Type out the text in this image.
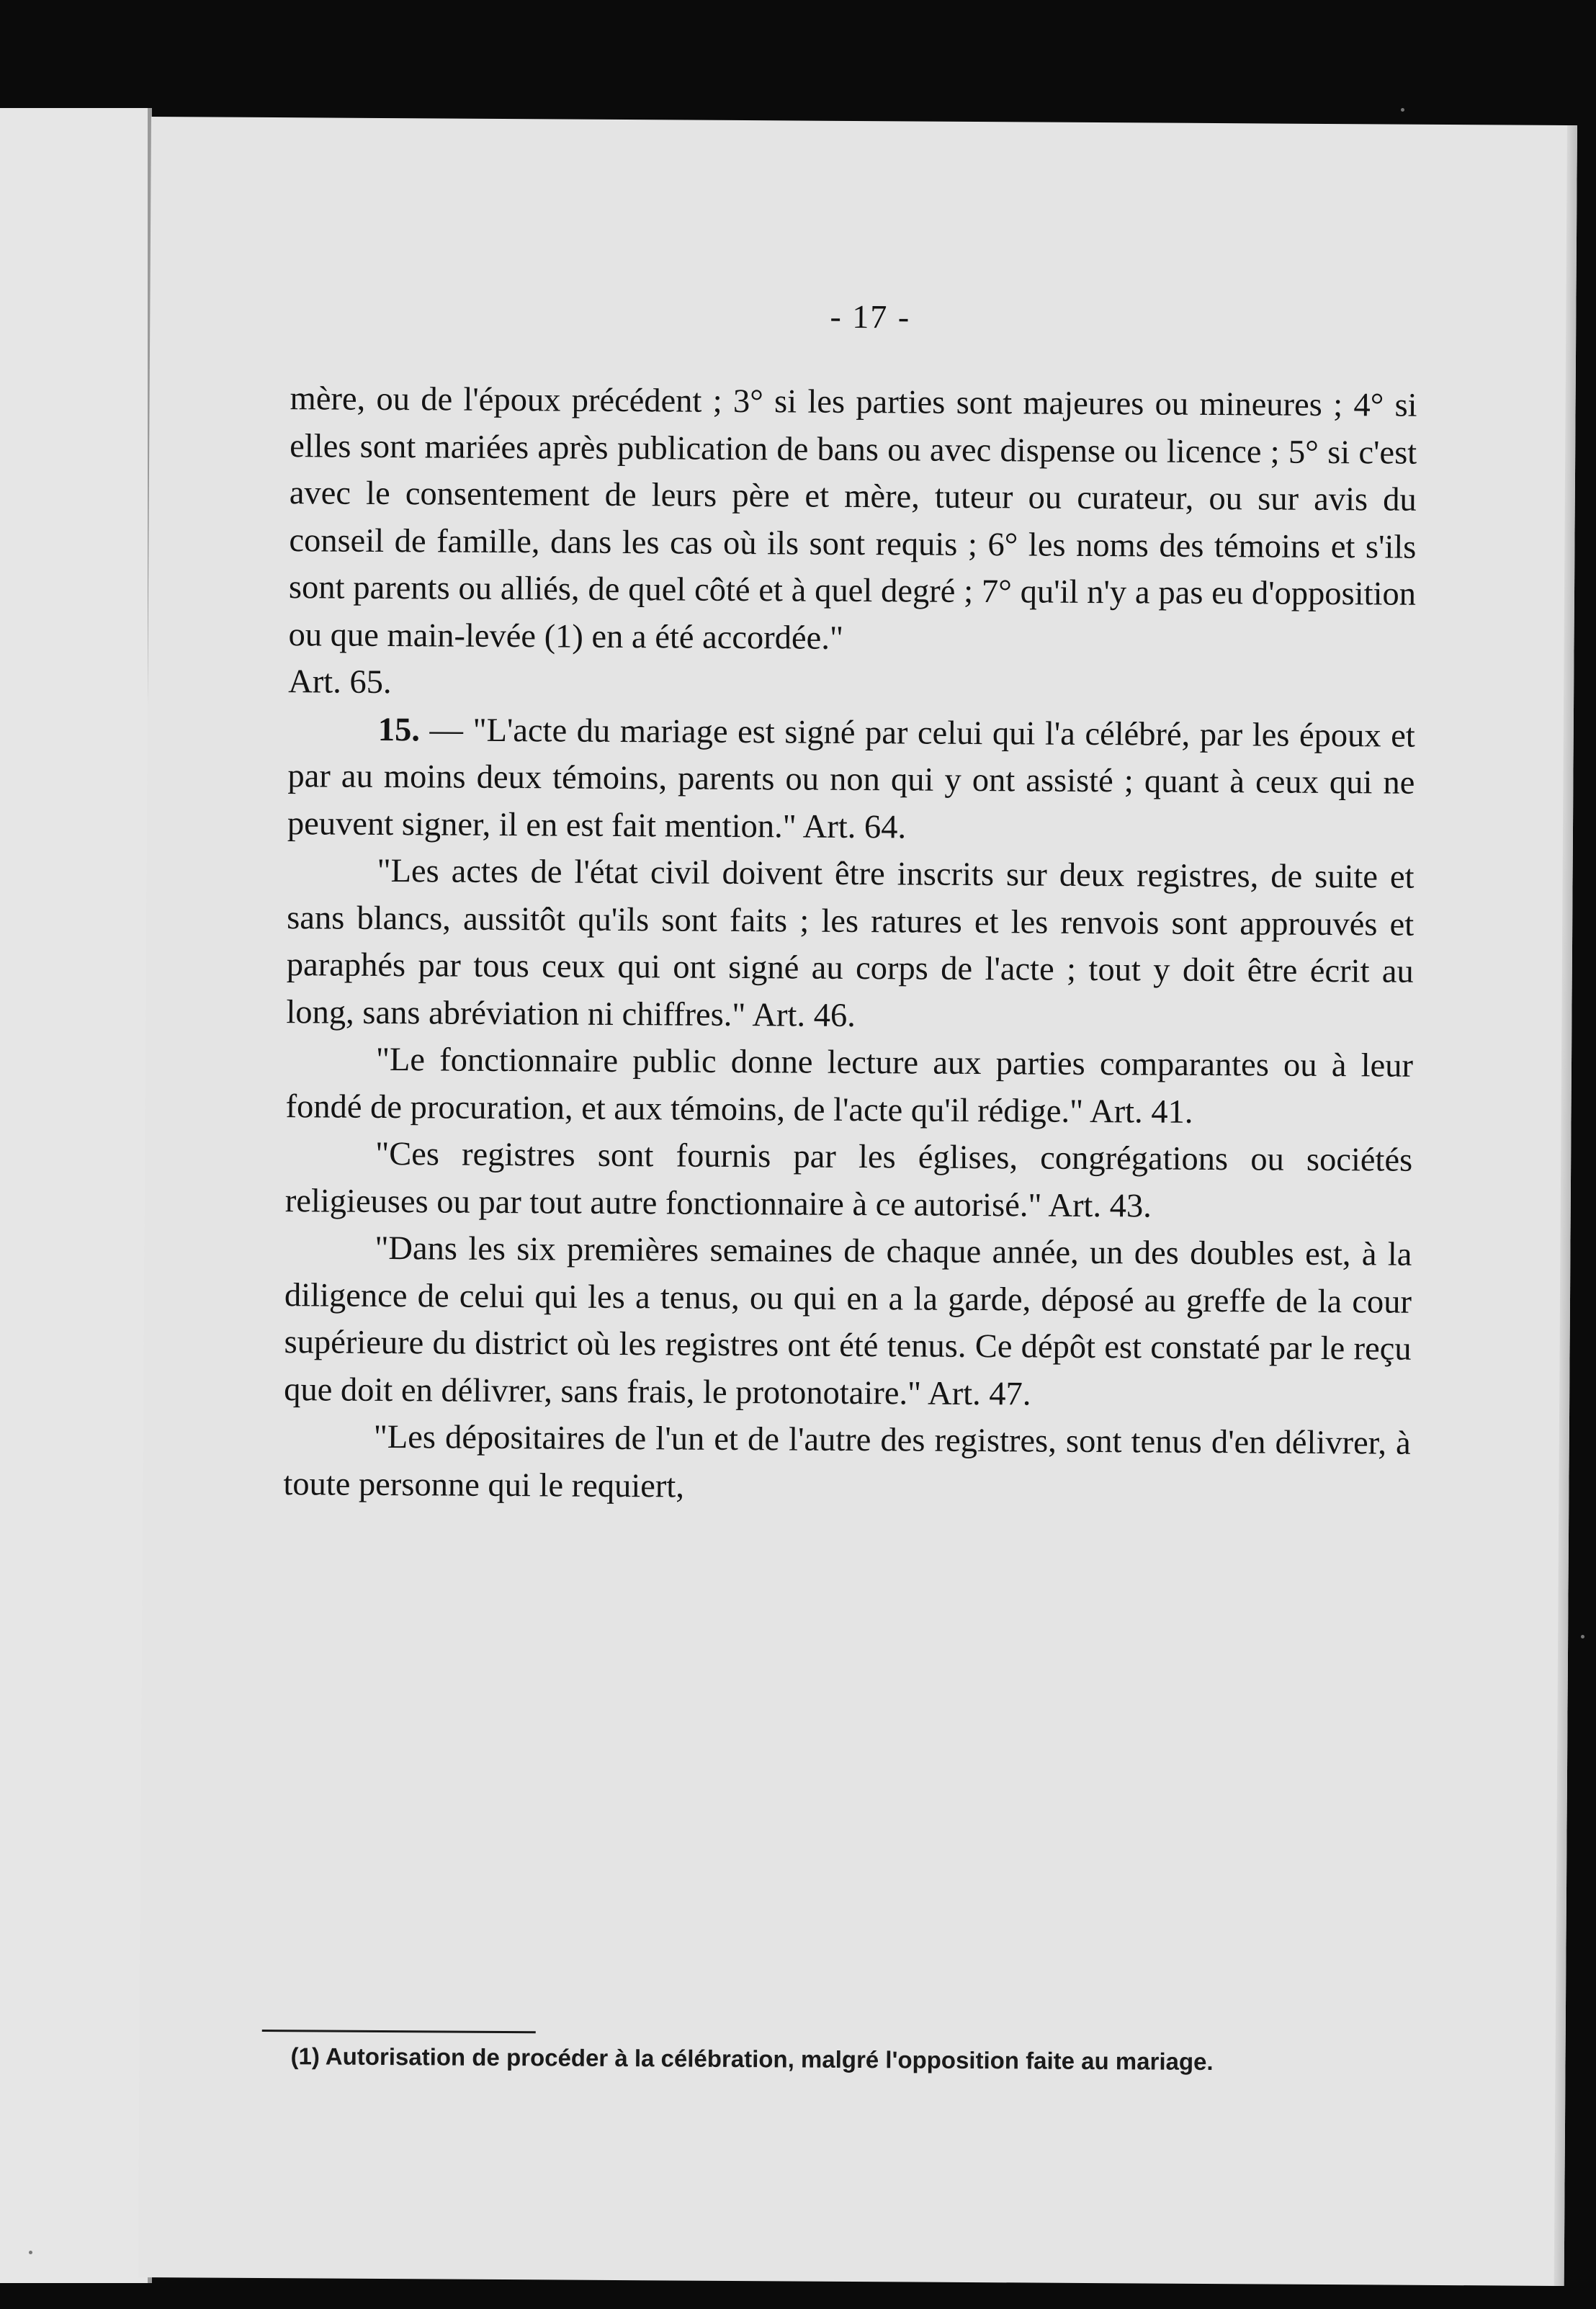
- 17 -

mère, ou de l'époux précédent ; 3° si les parties sont majeures ou mineures ; 4° si elles sont mariées après publication de bans ou avec dispense ou licence ; 5° si c'est avec le consentement de leurs père et mère, tuteur ou curateur, ou sur avis du conseil de famille, dans les cas où ils sont requis ; 6° les noms des témoins et s'ils sont parents ou alliés, de quel côté et à quel degré ; 7° qu'il n'y a pas eu d'opposition ou que main-levée (1) en a été accordée."
Art. 65.

15. — "L'acte du mariage est signé par celui qui l'a célébré, par les époux et par au moins deux témoins, parents ou non qui y ont assisté ; quant à ceux qui ne peuvent signer, il en est fait mention." Art. 64.

"Les actes de l'état civil doivent être inscrits sur deux registres, de suite et sans blancs, aussitôt qu'ils sont faits ; les ratures et les renvois sont approuvés et paraphés par tous ceux qui ont signé au corps de l'acte ; tout y doit être écrit au long, sans abréviation ni chiffres." Art. 46.

"Le fonctionnaire public donne lecture aux parties comparantes ou à leur fondé de procuration, et aux témoins, de l'acte qu'il rédige." Art. 41.

"Ces registres sont fournis par les églises, congrégations ou sociétés religieuses ou par tout autre fonctionnaire à ce autorisé." Art. 43.

"Dans les six premières semaines de chaque année, un des doubles est, à la diligence de celui qui les a tenus, ou qui en a la garde, déposé au greffe de la cour supérieure du district où les registres ont été tenus. Ce dépôt est constaté par le reçu que doit en délivrer, sans frais, le protonotaire." Art. 47.

"Les dépositaires de l'un et de l'autre des registres, sont tenus d'en délivrer, à toute personne qui le requiert,

(1) Autorisation de procéder à la célébration, malgré l'opposition faite au mariage.
